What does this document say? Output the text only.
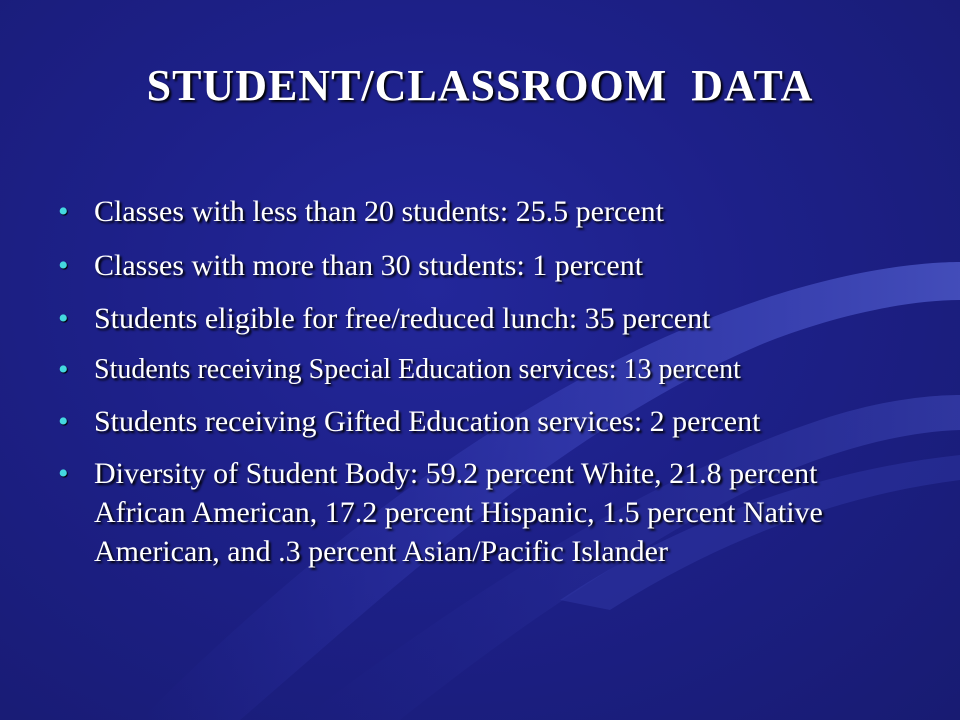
STUDENT/CLASSROOM  DATA
• Classes with less than 20 students: 25.5 percent
• Classes with more than 30 students: 1 percent
• Students eligible for free/reduced lunch: 35 percent
• Students receiving Special Education services: 13 percent
• Students receiving Gifted Education services: 2 percent
• Diversity of Student Body: 59.2 percent White, 21.8 percent African American, 17.2 percent Hispanic, 1.5 percent Native American, and .3 percent Asian/Pacific Islander
